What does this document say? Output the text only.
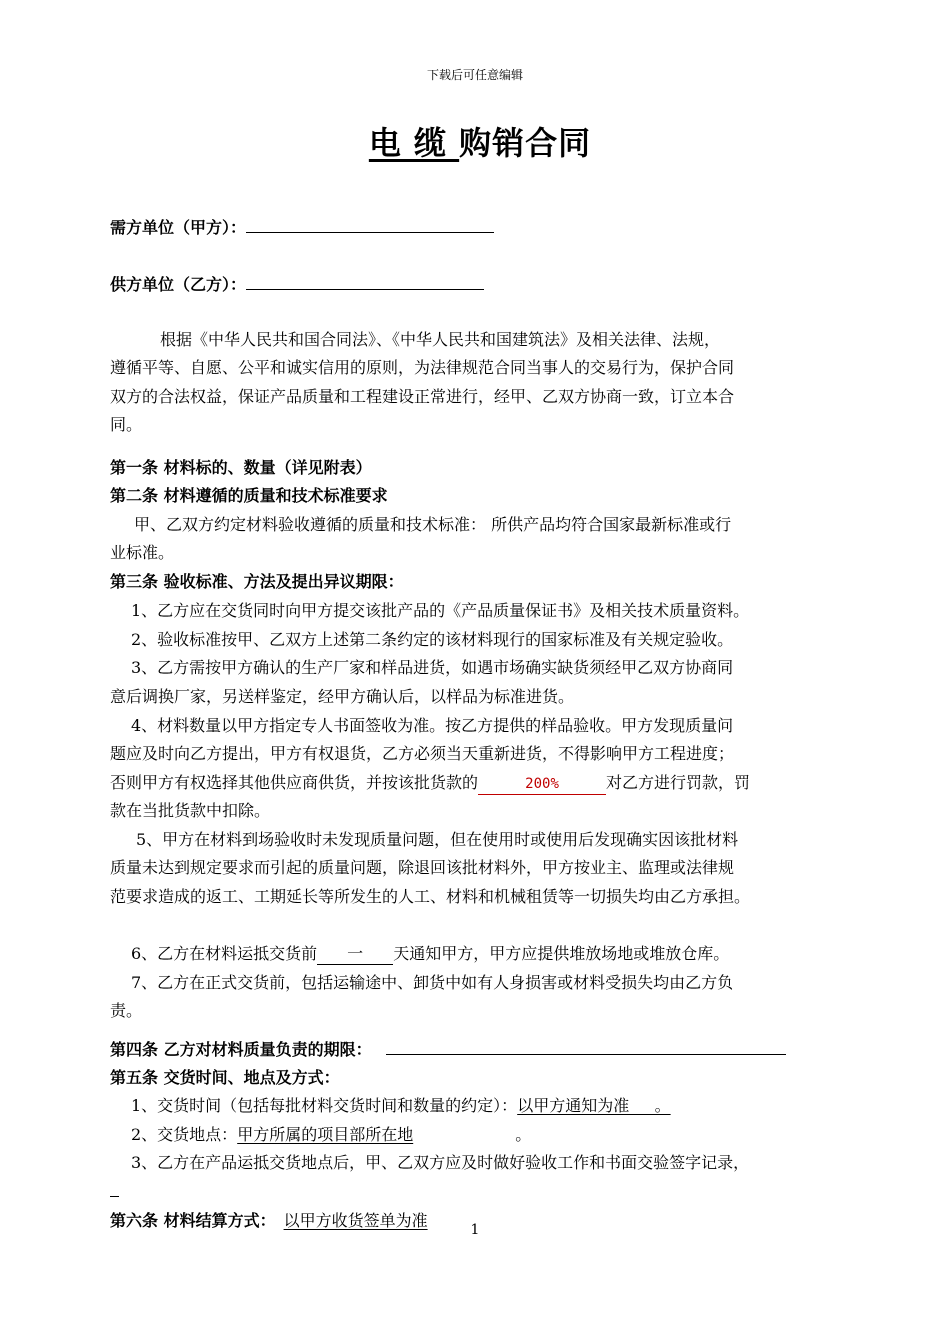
下载后可任意编辑
电 缆 购销合同
需方单位（甲方）：
供方单位（乙方）：
根据《中华人民共和国合同法》、《中华人民共和国建筑法》及相关法律、法规，
遵循平等、自愿、公平和诚实信用的原则，为法律规范合同当事人的交易行为，保护合同
双方的合法权益，保证产品质量和工程建设正常进行，经甲、乙双方协商一致，订立本合
同。
第一条 材料标的、数量（详见附表）
第二条 材料遵循的质量和技术标准要求
甲、乙双方约定材料验收遵循的质量和技术标准： 所供产品均符合国家最新标准或行
业标准。
第三条 验收标准、方法及提出异议期限：
1、乙方应在交货同时向甲方提交该批产品的《产品质量保证书》及相关技术质量资料。
2、验收标准按甲、乙双方上述第二条约定的该材料现行的国家标准及有关规定验收。
3、乙方需按甲方确认的生产厂家和样品进货，如遇市场确实缺货须经甲乙双方协商同
意后调换厂家，另送样鉴定，经甲方确认后，以样品为标准进货。
4、材料数量以甲方指定专人书面签收为准。按乙方提供的样品验收。甲方发现质量问
题应及时向乙方提出，甲方有权退货，乙方必须当天重新进货，不得影响甲方工程进度；
否则甲方有权选择其他供应商供货，并按该批货款的	200%	对乙方进行罚款，罚
款在当批货款中扣除。
5、甲方在材料到场验收时未发现质量问题，但在使用时或使用后发现确实因该批材料
质量未达到规定要求而引起的质量问题，除退回该批材料外，甲方按业主、监理或法律规
范要求造成的返工、工期延长等所发生的人工、材料和机械租赁等一切损失均由乙方承担。
6、乙方在材料运抵交货前 一 天通知甲方，甲方应提供堆放场地或堆放仓库。
7、乙方在正式交货前，包括运输途中、卸货中如有人身损害或材料受损失均由乙方负
责。
第四条 乙方对材料质量负责的期限：
第五条 交货时间、地点及方式：
1、交货时间（包括每批材料交货时间和数量的约定）：以甲方通知为准     。
2、交货地点：甲方所属的项目部所在地	。
3、乙方在产品运抵交货地点后，甲、乙双方应及时做好验收工作和书面交验签字记录，
第六条 材料结算方式： 以甲方收货签单为准	1
